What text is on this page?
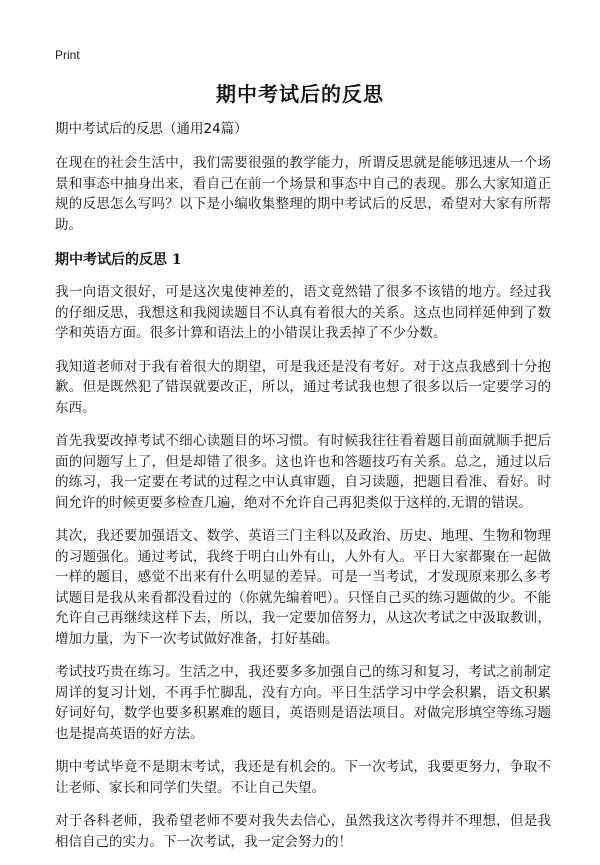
Print
期中考试后的反思

期中考试后的反思（通用24篇）

在现在的社会生活中，我们需要很强的教学能力，所谓反思就是能够迅速从一个场景和事态中抽身出来，看自己在前一个场景和事态中自己的表现。那么大家知道正规的反思怎么写吗？以下是小编收集整理的期中考试后的反思，希望对大家有所帮助。

期中考试后的反思 1

我一向语文很好，可是这次鬼使神差的，语文竟然错了很多不该错的地方。经过我的仔细反思，我想这和我阅读题目不认真有着很大的关系。这点也同样延伸到了数学和英语方面。很多计算和语法上的小错误让我丢掉了不少分数。

我知道老师对于我有着很大的期望，可是我还是没有考好。对于这点我感到十分抱歉。但是既然犯了错误就要改正，所以，通过考试我也想了很多以后一定要学习的东西。

首先我要改掉考试不细心读题目的坏习惯。有时候我往往看着题目前面就顺手把后面的问题写上了，但是却错了很多。这也许也和答题技巧有关系。总之，通过以后的练习，我一定要在考试的过程之中认真审题，自习读题，把题目看准、看好。时间允许的时候更要多检查几遍，绝对不允许自己再犯类似于这样的.无谓的错误。

其次，我还要加强语文、数学、英语三门主科以及政治、历史、地理、生物和物理的习题强化。通过考试，我终于明白山外有山，人外有人。平日大家都聚在一起做一样的题目，感觉不出来有什么明显的差异。可是一当考试，才发现原来那么多考试题目是我从来看都没看过的（你就先编着吧）。只怪自己买的练习题做的少。不能允许自己再继续这样下去，所以，我一定要加倍努力，从这次考试之中汲取教训，增加力量，为下一次考试做好准备，打好基础。

考试技巧贵在练习。生活之中，我还要多多加强自己的练习和复习，考试之前制定周详的复习计划，不再手忙脚乱，没有方向。平日生活学习中学会积累，语文积累好词好句，数学也要多积累难的题目，英语则是语法项目。对做完形填空等练习题也是提高英语的好方法。

期中考试毕竟不是期末考试，我还是有机会的。下一次考试，我要更努力，争取不让老师、家长和同学们失望。不让自己失望。

对于各科老师，我希望老师不要对我失去信心，虽然我这次考得并不理想，但是我相信自己的实力。下一次考试，我一定会努力的！
